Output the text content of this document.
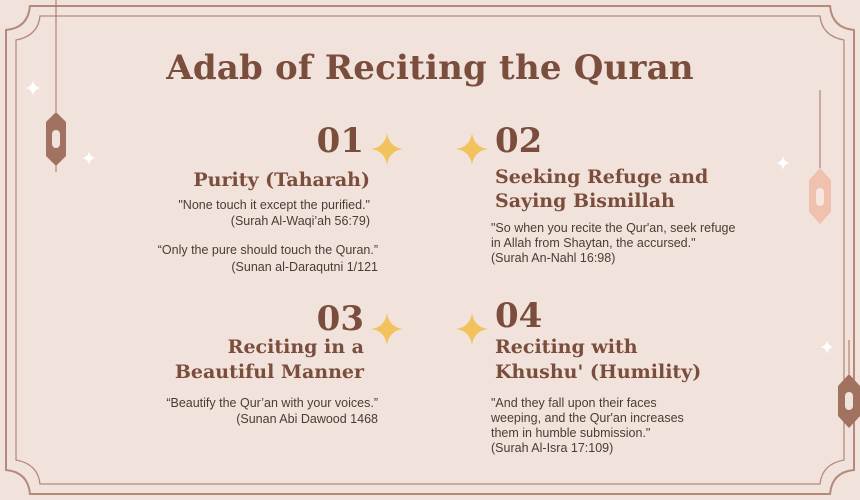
Adab of Reciting the Quran
01
Purity (Taharah)
"None touch it except the purified."
(Surah Al-Waqi’ah 56:79)
“Only the pure should touch the Quran.”
(Sunan al-Daraqutni 1/121
02
Seeking Refuge and
Saying Bismillah
"So when you recite the Qur'an, seek refuge
in Allah from Shaytan, the accursed."
(Surah An-Nahl 16:98)
03
Reciting in a
Beautiful Manner
“Beautify the Qur’an with your voices.”
(Sunan Abi Dawood 1468
04
Reciting with
Khushu' (Humility)
"And they fall upon their faces
weeping, and the Qur'an increases
them in humble submission."
(Surah Al-Isra 17:109)
